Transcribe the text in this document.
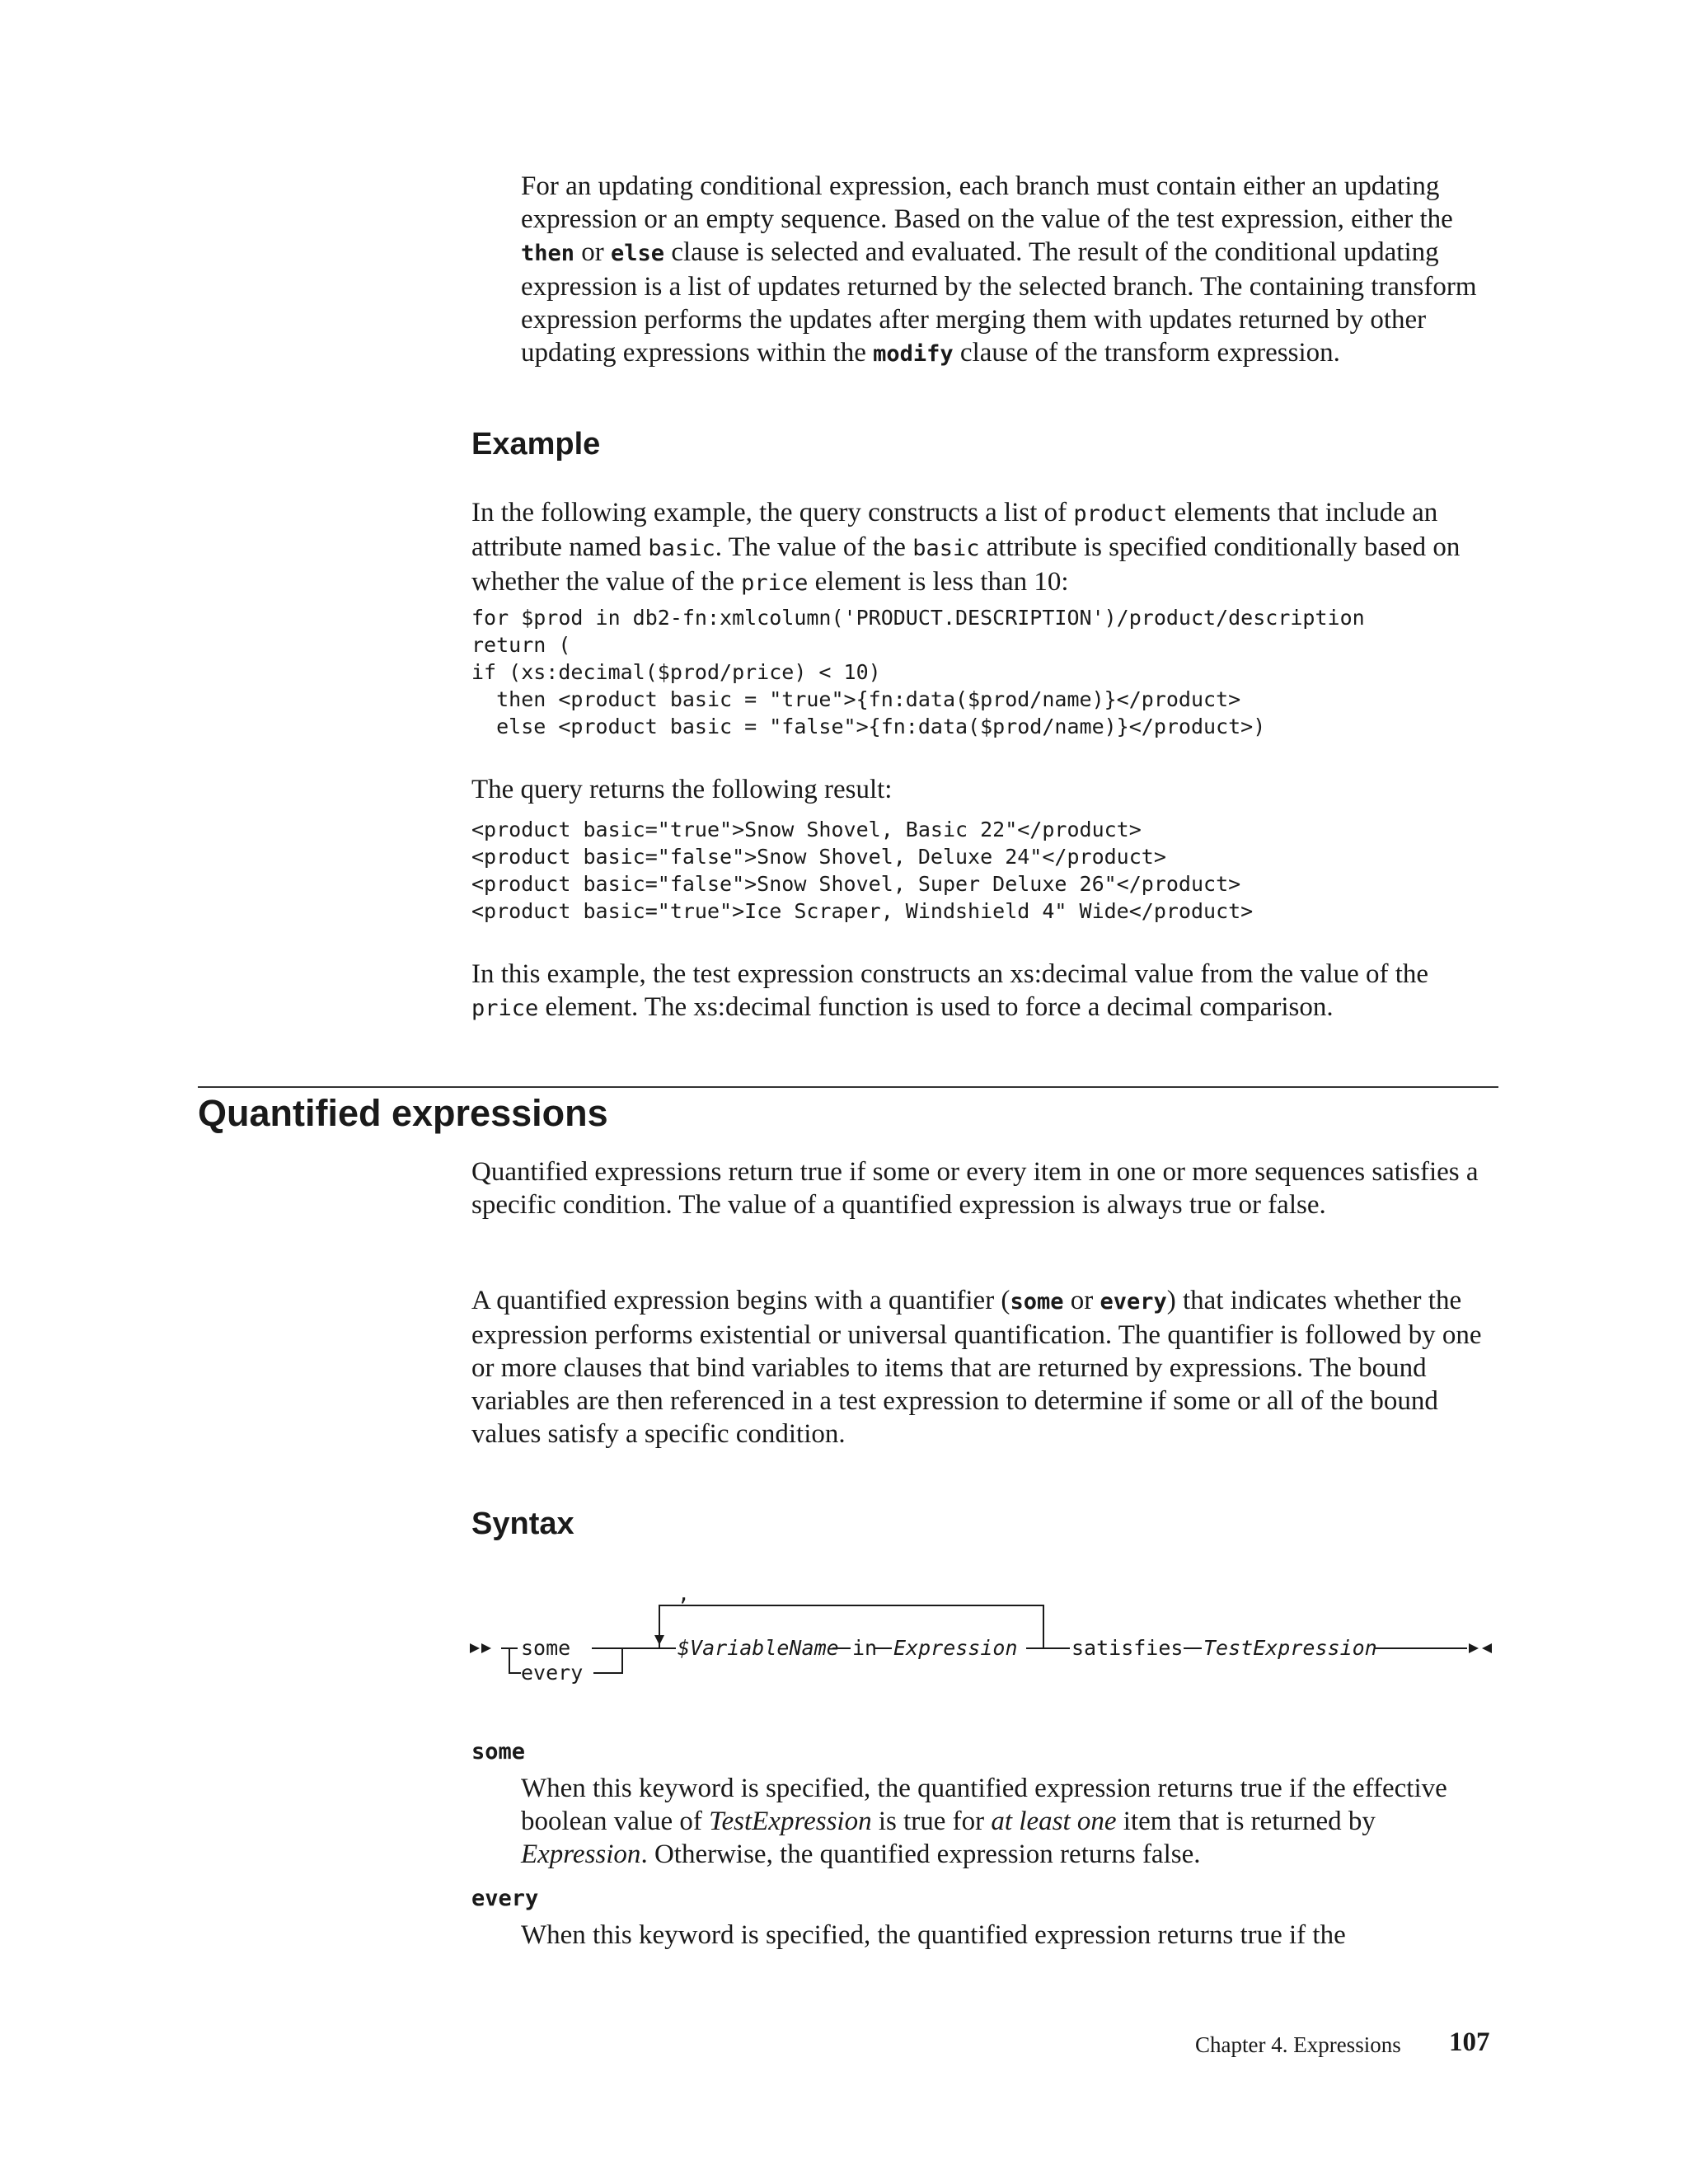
For an updating conditional expression, each branch must contain either an updating expression or an empty sequence. Based on the value of the test expression, either the then or else clause is selected and evaluated. The result of the conditional updating expression is a list of updates returned by the selected branch. The containing transform expression performs the updates after merging them with updates returned by other updating expressions within the modify clause of the transform expression.

Example

In the following example, the query constructs a list of product elements that include an attribute named basic. The value of the basic attribute is specified conditionally based on whether the value of the price element is less than 10:

for $prod in db2-fn:xmlcolumn('PRODUCT.DESCRIPTION')/product/description
return (
if (xs:decimal($prod/price) < 10)
then <product basic = "true">{fn:data($prod/name)}</product>
else <product basic = "false">{fn:data($prod/name)}</product>)

The query returns the following result:

<product basic="true">Snow Shovel, Basic 22"</product>
<product basic="false">Snow Shovel, Deluxe 24"</product>
<product basic="false">Snow Shovel, Super Deluxe 26"</product>
<product basic="true">Ice Scraper, Windshield 4" Wide</product>

In this example, the test expression constructs an xs:decimal value from the value of the price element. The xs:decimal function is used to force a decimal comparison.

Quantified expressions

Quantified expressions return true if some or every item in one or more sequences satisfies a specific condition. The value of a quantified expression is always true or false.

A quantified expression begins with a quantifier (some or every) that indicates whether the expression performs existential or universal quantification. The quantifier is followed by one or more clauses that bind variables to items that are returned by expressions. The bound variables are then referenced in a test expression to determine if some or all of the bound values satisfy a specific condition.

Syntax
some
every
,
$VariableName in Expression	satisfies TestExpression
some

When this keyword is specified, the quantified expression returns true if the effective boolean value of TestExpression is true for at least one item that is returned by Expression. Otherwise, the quantified expression returns false.

every

When this keyword is specified, the quantified expression returns true if the

Chapter 4. Expressions 107
